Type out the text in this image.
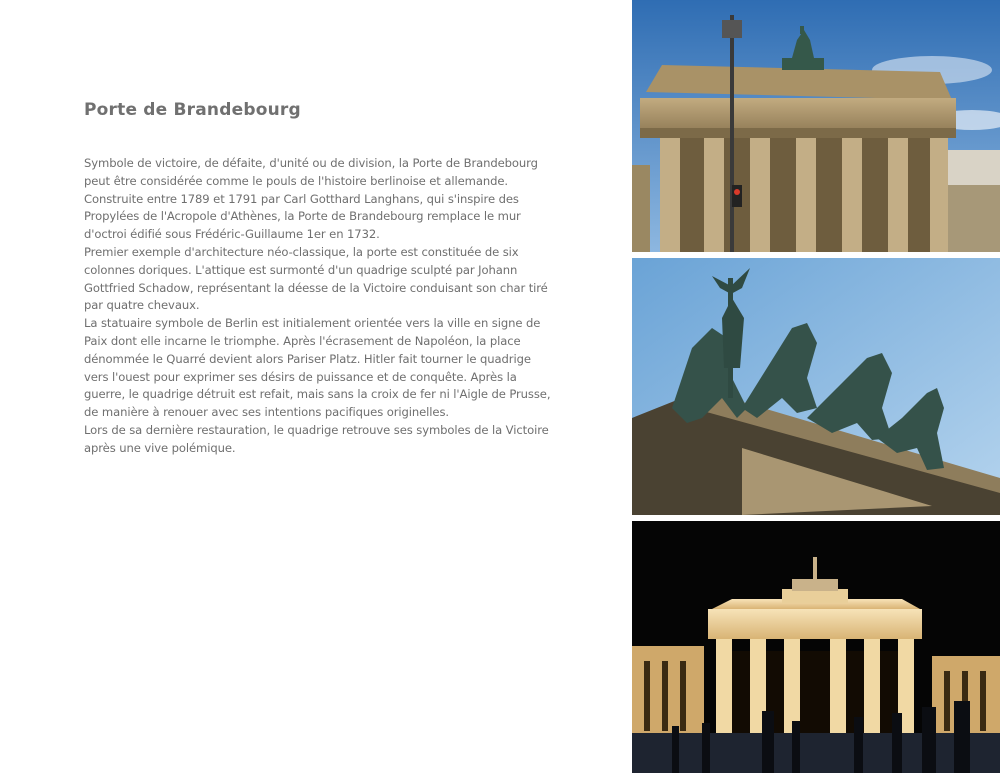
Porte de Brandebourg

Symbole de victoire, de défaite, d'unité ou de division, la Porte de Brandebourg peut être considérée comme le pouls de l'histoire berlinoise et allemande.

Construite entre 1789 et 1791 par Carl Gotthard Langhans, qui s'inspire des Propylées de l'Acropole d'Athènes, la Porte de Brandebourg remplace le mur d'octroi édifié sous Frédéric-Guillaume 1er en 1732.

Premier exemple d'architecture néo-classique, la porte est constituée de six colonnes doriques. L'attique est surmonté d'un quadrige sculpté par Johann Gottfried Schadow, représentant la déesse de la Victoire conduisant son char tiré par quatre chevaux.

La statuaire symbole de Berlin est initialement orientée vers la ville en signe de Paix dont elle incarne le triomphe. Après l'écrasement de Napoléon, la place dénommée le Quarré devient alors Pariser Platz. Hitler fait tourner le quadrige vers l'ouest pour exprimer ses désirs de puissance et de conquête. Après la guerre, le quadrige détruit est refait, mais sans la croix de fer ni l'Aigle de Prusse, de manière à renouer avec ses intentions pacifiques originelles.

Lors de sa dernière restauration, le quadrige retrouve ses symboles de la Victoire après une vive polémique.
